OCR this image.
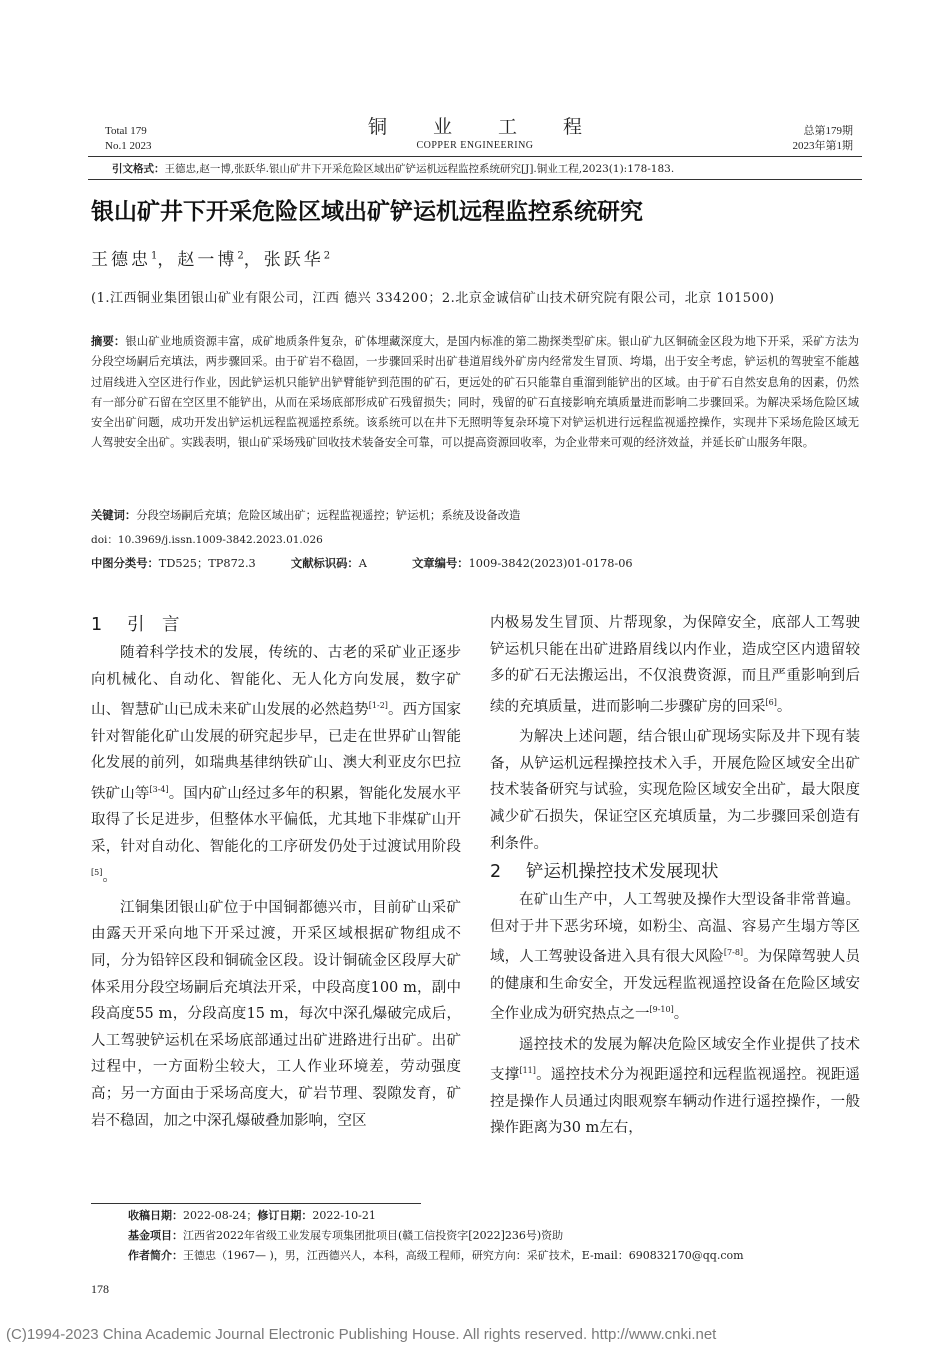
Total 179
No.1 2023
铜 业 工 程
COPPER ENGINEERING
总第179期
2023年第1期
引文格式：王德忠,赵一博,张跃华.银山矿井下开采危险区域出矿铲运机远程监控系统研究[J].铜业工程,2023(1):178-183.
银山矿井下开采危险区域出矿铲运机远程监控系统研究
王德忠$^1$，赵一博$^2$，张跃华$^2$
(1.江西铜业集团银山矿业有限公司，江西 德兴 334200；2.北京金诚信矿山技术研究院有限公司，北京 101500)
摘要：银山矿业地质资源丰富，成矿地质条件复杂，矿体埋藏深度大，是国内标准的第二勘探类型矿床。银山矿九区铜硫金区段为地下开采，采矿方法为分段空场嗣后充填法，两步骤回采。由于矿岩不稳固，一步骤回采时出矿巷道眉线外矿房内经常发生冒顶、垮塌，出于安全考虑，铲运机的驾驶室不能越过眉线进入空区进行作业，因此铲运机只能铲出铲臂能铲到范围的矿石，更远处的矿石只能靠自重溜到能铲出的区域。由于矿石自然安息角的因素，仍然有一部分矿石留在空区里不能铲出，从而在采场底部形成矿石残留损失；同时，残留的矿石直接影响充填质量进而影响二步骤回采。为解决采场危险区域安全出矿问题，成功开发出铲运机远程监视遥控系统。该系统可以在井下无照明等复杂环境下对铲运机进行远程监视遥控操作，实现井下采场危险区域无人驾驶安全出矿。实践表明，银山矿采场残矿回收技术装备安全可靠，可以提高资源回收率，为企业带来可观的经济效益，并延长矿山服务年限。
关键词：分段空场嗣后充填；危险区域出矿；远程监视遥控；铲运机；系统及设备改造
doi：10.3969/j.issn.1009-3842.2023.01.026
中图分类号：TD525；TP872.3	文献标识码：A	文章编号：1009-3842(2023)01-0178-06

1 引　言

随着科学技术的发展，传统的、古老的采矿业正逐步向机械化、自动化、智能化、无人化方向发展，数字矿山、智慧矿山已成未来矿山发展的必然趋势[1-2]。西方国家针对智能化矿山发展的研究起步早，已走在世界矿山智能化发展的前列，如瑞典基律纳铁矿山、澳大利亚皮尔巴拉铁矿山等[3-4]。国内矿山经过多年的积累，智能化发展水平取得了长足进步，但整体水平偏低，尤其地下非煤矿山开采，针对自动化、智能化的工序研发仍处于过渡试用阶段[5]。

江铜集团银山矿位于中国铜都德兴市，目前矿山采矿由露天开采向地下开采过渡，开采区域根据矿物组成不同，分为铅锌区段和铜硫金区段。设计铜硫金区段厚大矿体采用分段空场嗣后充填法开采，中段高度100 m，副中段高度55 m，分段高度15 m，每次中深孔爆破完成后，人工驾驶铲运机在采场底部通过出矿进路进行出矿。出矿过程中，一方面粉尘较大，工人作业环境差，劳动强度高；另一方面由于采场高度大，矿岩节理、裂隙发育，矿岩不稳固，加之中深孔爆破叠加影响，空区

内极易发生冒顶、片帮现象，为保障安全，底部人工驾驶铲运机只能在出矿进路眉线以内作业，造成空区内遗留较多的矿石无法搬运出，不仅浪费资源，而且严重影响到后续的充填质量，进而影响二步骤矿房的回采[6]。

为解决上述问题，结合银山矿现场实际及井下现有装备，从铲运机远程操控技术入手，开展危险区域安全出矿技术装备研究与试验，实现危险区域安全出矿，最大限度减少矿石损失，保证空区充填质量，为二步骤回采创造有利条件。

2 铲运机操控技术发展现状

在矿山生产中，人工驾驶及操作大型设备非常普遍。但对于井下恶劣环境，如粉尘、高温、容易产生塌方等区域，人工驾驶设备进入具有很大风险[7-8]。为保障驾驶人员的健康和生命安全，开发远程监视遥控设备在危险区域安全作业成为研究热点之一[9-10]。

遥控技术的发展为解决危险区域安全作业提供了技术支撑[11]。遥控技术分为视距遥控和远程监视遥控。视距遥控是操作人员通过肉眼观察车辆动作进行遥控操作，一般操作距离为30 m左右，

收稿日期：2022-08-24；修订日期：2022-10-21
基金项目：江西省2022年省级工业发展专项集团批项目(赣工信投资字[2022]236号)资助
作者简介：王德忠（1967— )，男，江西德兴人，本科，高级工程师，研究方向：采矿技术，E-mail：690832170@qq.com
178
(C)1994-2023 China Academic Journal Electronic Publishing House. All rights reserved. http://www.cnki.net
